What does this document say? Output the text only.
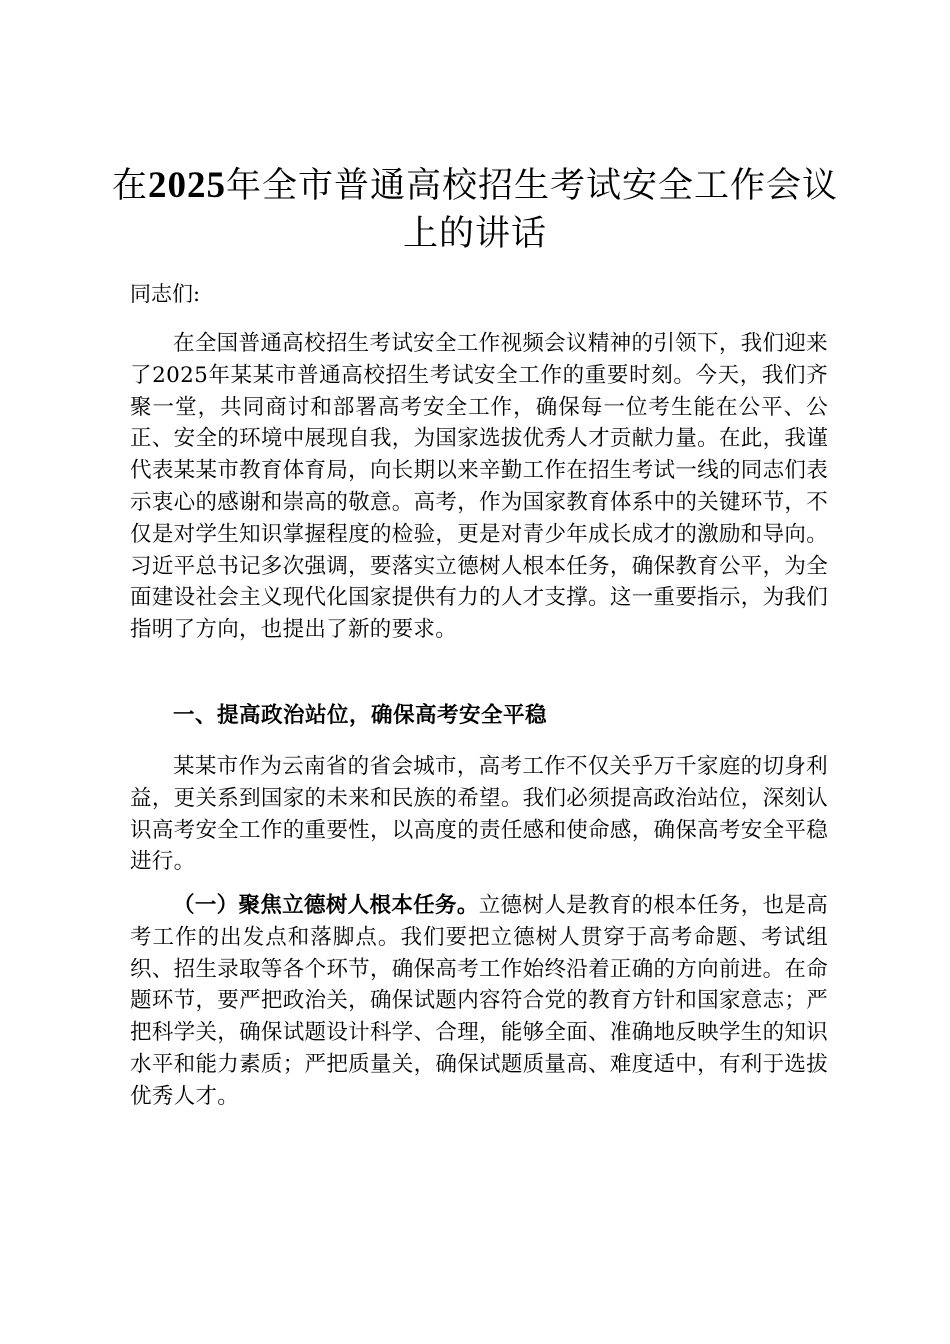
在2025年全市普通高校招生考试安全工作会议上的讲话
同志们:
在全国普通高校招生考试安全工作视频会议精神的引领下，我们迎来了2025年某某市普通高校招生考试安全工作的重要时刻。今天，我们齐聚一堂，共同商讨和部署高考安全工作，确保每一位考生能在公平、公正、安全的环境中展现自我，为国家选拔优秀人才贡献力量。在此，我谨代表某某市教育体育局，向长期以来辛勤工作在招生考试一线的同志们表示衷心的感谢和崇高的敬意。高考，作为国家教育体系中的关键环节，不仅是对学生知识掌握程度的检验，更是对青少年成长成才的激励和导向。习近平总书记多次强调，要落实立德树人根本任务，确保教育公平，为全面建设社会主义现代化国家提供有力的人才支撑。这一重要指示，为我们指明了方向，也提出了新的要求。
一、提高政治站位，确保高考安全平稳
某某市作为云南省的省会城市，高考工作不仅关乎万千家庭的切身利益，更关系到国家的未来和民族的希望。我们必须提高政治站位，深刻认识高考安全工作的重要性，以高度的责任感和使命感，确保高考安全平稳进行。
（一）聚焦立德树人根本任务。立德树人是教育的根本任务，也是高考工作的出发点和落脚点。我们要把立德树人贯穿于高考命题、考试组织、招生录取等各个环节，确保高考工作始终沿着正确的方向前进。在命题环节，要严把政治关，确保试题内容符合党的教育方针和国家意志；严把科学关，确保试题设计科学、合理，能够全面、准确地反映学生的知识水平和能力素质；严把质量关，确保试题质量高、难度适中，有利于选拔优秀人才。
